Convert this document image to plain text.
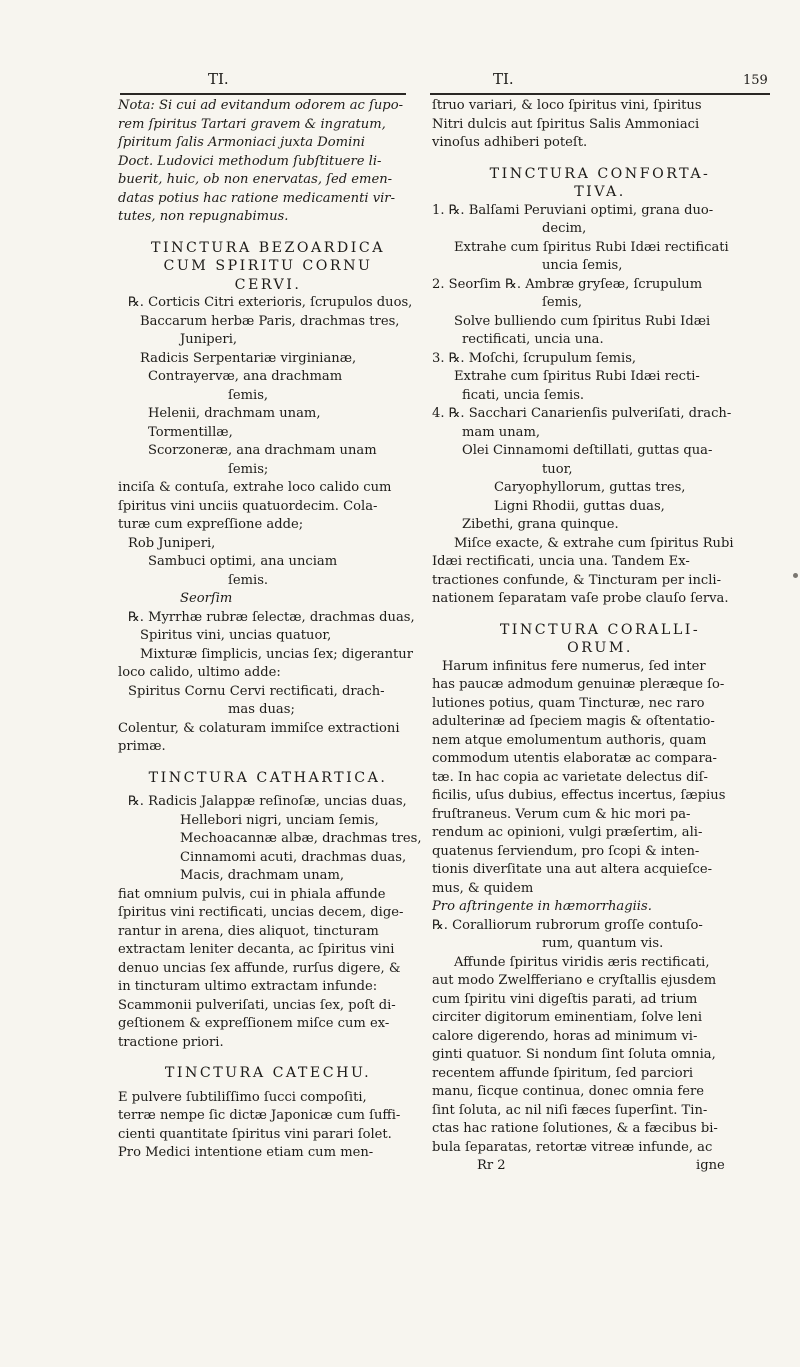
TI.	TI.	159
Nota: Si cui ad evitandum odorem ac ſupo-
rem ſpiritus Tartari gravem & ingratum,
ſpiritum ſalis Armoniaci juxta Domini
Doct. Ludovici methodum ſubſtituere li-
buerit, huic, ob non enervatas, ſed emen-
datas potius hac ratione medicamenti vir-
tutes, non repugnabimus.
TINCTURA BEZOARDICA
CUM SPIRITU CORNU
CERVI.
℞. Corticis Citri exterioris, ſcrupulos duos,
Baccarum herbæ Paris, drachmas tres,
Juniperi,
Radicis Serpentariæ virginianæ,
Contrayervæ, ana drachmam
ſemis,
Helenii, drachmam unam,
Tormentillæ,
Scorzoneræ, ana drachmam unam
ſemis;
inciſa & contuſa, extrahe loco calido cum
ſpiritus vini unciis quatuordecim. Cola-
turæ cum expreſſione adde;
Rob Juniperi,
Sambuci optimi, ana unciam
ſemis.
Seorſim
℞. Myrrhæ rubræ ſelectæ, drachmas duas,
Spiritus vini, uncias quatuor,
Mixturæ ſimplicis, uncias ſex; digerantur
loco calido, ultimo adde:
Spiritus Cornu Cervi rectificati, drach-
mas duas;
Colentur, & colaturam immiſce extractioni
primæ.
TINCTURA CATHARTICA.
℞. Radicis Jalappæ reſinoſæ, uncias duas,
Hellebori nigri, unciam ſemis,
Mechoacannæ albæ, drachmas tres,
Cinnamomi acuti, drachmas duas,
Macis, drachmam unam,
fiat omnium pulvis, cui in phiala affunde
ſpiritus vini rectificati, uncias decem, dige-
rantur in arena, dies aliquot, tincturam
extractam leniter decanta, ac ſpiritus vini
denuo uncias ſex affunde, rurſus digere, &
in tincturam ultimo extractam infunde:
Scammonii pulveriſati, uncias ſex, poſt di-
geſtionem & expreſſionem miſce cum ex-
tractione priori.
TINCTURA CATECHU.
E pulvere ſubtiliſſimo ſucci compoſiti,
terræ nempe ſic dictæ Japonicæ cum ſuffi-
cienti quantitate ſpiritus vini parari ſolet.
Pro Medici intentione etiam cum men-
ſtruo variari, & loco ſpiritus vini, ſpiritus
Nitri dulcis aut ſpiritus Salis Ammoniaci
vinoſus adhiberi poteſt.
TINCTURA CONFORTA-
TIVA.
1. ℞. Balſami Peruviani optimi, grana duo-
decim,
Extrahe cum ſpiritus Rubi Idæi rectificati
uncia ſemis,
2. Seorſim ℞. Ambræ gryſeæ, ſcrupulum
ſemis,
Solve bulliendo cum ſpiritus Rubi Idæi
rectificati, uncia una.
3. ℞. Moſchi, ſcrupulum ſemis,
Extrahe cum ſpiritus Rubi Idæi recti-
ficati, uncia ſemis.
4. ℞. Sacchari Canarienſis pulveriſati, drach-
mam unam,
Olei Cinnamomi deſtillati, guttas qua-
tuor,
Caryophyllorum, guttas tres,
Ligni Rhodii, guttas duas,
Zibethi, grana quinque.
Miſce exacte, & extrahe cum ſpiritus Rubi
Idæi rectificati, uncia una. Tandem Ex-
tractiones confunde, & Tincturam per incli-
nationem ſeparatam vaſe probe clauſo ſerva.
TINCTURA CORALLI-
ORUM.
Harum infinitus fere numerus, ſed inter
has paucæ admodum genuinæ pleræque ſo-
lutiones potius, quam Tincturæ, nec raro
adulterinæ ad ſpeciem magis & oſtentatio-
nem atque emolumentum authoris, quam
commodum utentis elaboratæ ac compara-
tæ. In hac copia ac varietate delectus diſ-
ficilis, uſus dubius, effectus incertus, ſæpius
fruſtraneus. Verum cum & hic mori pa-
rendum ac opinioni, vulgi præſertim, ali-
quatenus ſerviendum, pro ſcopi & inten-
tionis diverſitate una aut altera acquieſce-
mus, & quidem
Pro aſtringente in hæmorrhagiis.
℞. Coralliorum rubrorum groſſe contuſo-
rum, quantum vis.
Affunde ſpiritus viridis æris rectificati,
aut modo Zwelfferiano e cryſtallis ejusdem
cum ſpiritu vini digeſtis parati, ad trium
circiter digitorum eminentiam, ſolve leni
calore digerendo, horas ad minimum vi-
ginti quatuor. Si nondum ſint ſoluta omnia,
recentem affunde ſpiritum, ſed parciori
manu, ſicque continua, donec omnia fere
ſint ſoluta, ac nil niſi fæces ſuperſint. Tin-
ctas hac ratione ſolutiones, & a fæcibus bi-
bula ſeparatas, retortæ vitreæ infunde, ac
Rr 2	igne
